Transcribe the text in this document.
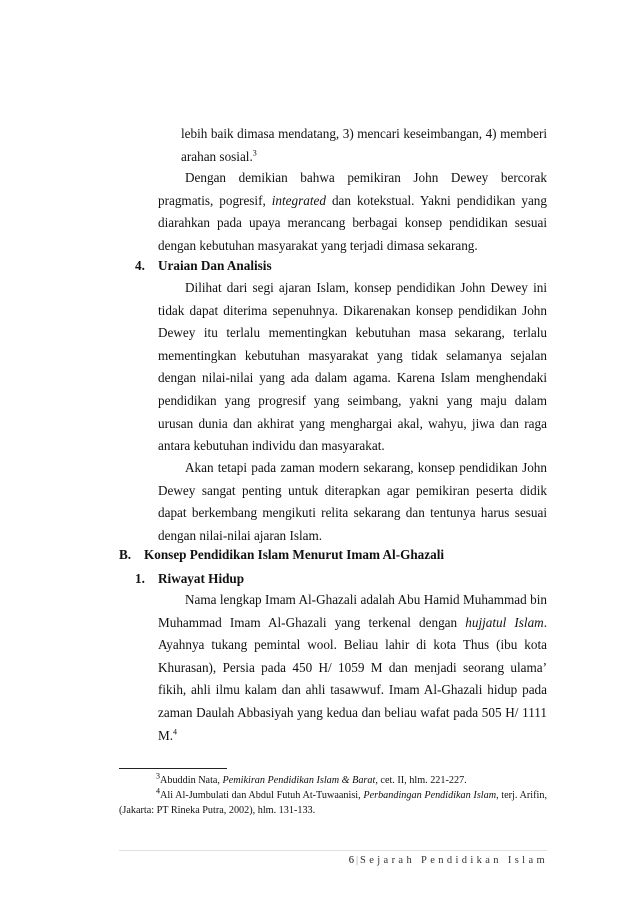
lebih baik dimasa mendatang, 3) mencari keseimbangan, 4) memberi arahan sosial.$^3$

Dengan demikian bahwa pemikiran John Dewey bercorak pragmatis, pogresif, integrated dan kotekstual. Yakni pendidikan yang diarahkan pada upaya merancang berbagai konsep pendidikan sesuai dengan kebutuhan masyarakat yang terjadi dimasa sekarang.

4. Uraian Dan Analisis

Dilihat dari segi ajaran Islam, konsep pendidikan John Dewey ini tidak dapat diterima sepenuhnya. Dikarenakan konsep pendidikan John Dewey itu terlalu mementingkan kebutuhan masa sekarang, terlalu mementingkan kebutuhan masyarakat yang tidak selamanya sejalan dengan nilai-nilai yang ada dalam agama. Karena Islam menghendaki pendidikan yang progresif yang seimbang, yakni yang maju dalam urusan dunia dan akhirat yang menghargai akal, wahyu, jiwa dan raga antara kebutuhan individu dan masyarakat.

Akan tetapi pada zaman modern sekarang, konsep pendidikan John Dewey sangat penting untuk diterapkan agar pemikiran peserta didik dapat berkembang mengikuti relita sekarang dan tentunya harus sesuai dengan nilai-nilai ajaran Islam.

B. Konsep Pendidikan Islam Menurut Imam Al-Ghazali
1. Riwayat Hidup

Nama lengkap Imam Al-Ghazali adalah Abu Hamid Muhammad bin Muhammad Imam Al-Ghazali yang terkenal dengan hujjatul Islam. Ayahnya tukang pemintal wool. Beliau lahir di kota Thus (ibu kota Khurasan), Persia pada 450 H/ 1059 M dan menjadi seorang ulama’ fikih, ahli ilmu kalam dan ahli tasawwuf. Imam Al-Ghazali hidup pada zaman Daulah Abbasiyah yang kedua dan beliau wafat pada 505 H/ 1111 M.$^4$

$^3$Abuddin Nata, Pemikiran Pendidikan Islam & Barat, cet. II, hlm. 221-227.

$^4$Ali Al-Jumbulati dan Abdul Futuh At-Tuwaanisi, Perbandingan Pendidikan Islam, terj. Arifin, (Jakarta: PT Rineka Putra, 2002), hlm. 131-133.

6 | Sejarah Pendidikan Islam
